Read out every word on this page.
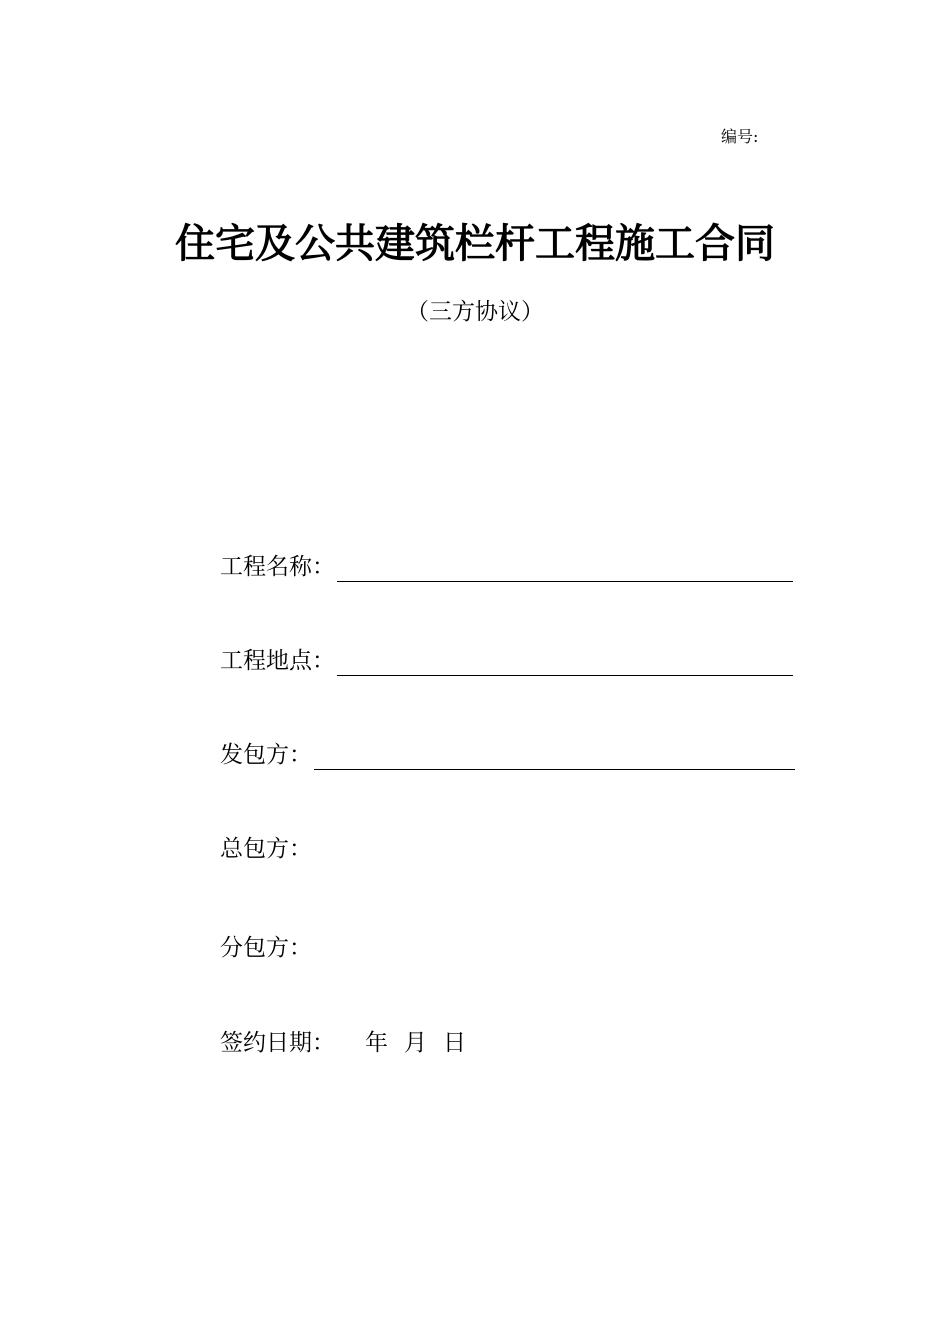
编号:
住宅及公共建筑栏杆工程施工合同
（三方协议）
工程名称：
工程地点：
发包方：
总包方：
分包方：
签约日期： 年 月 日
